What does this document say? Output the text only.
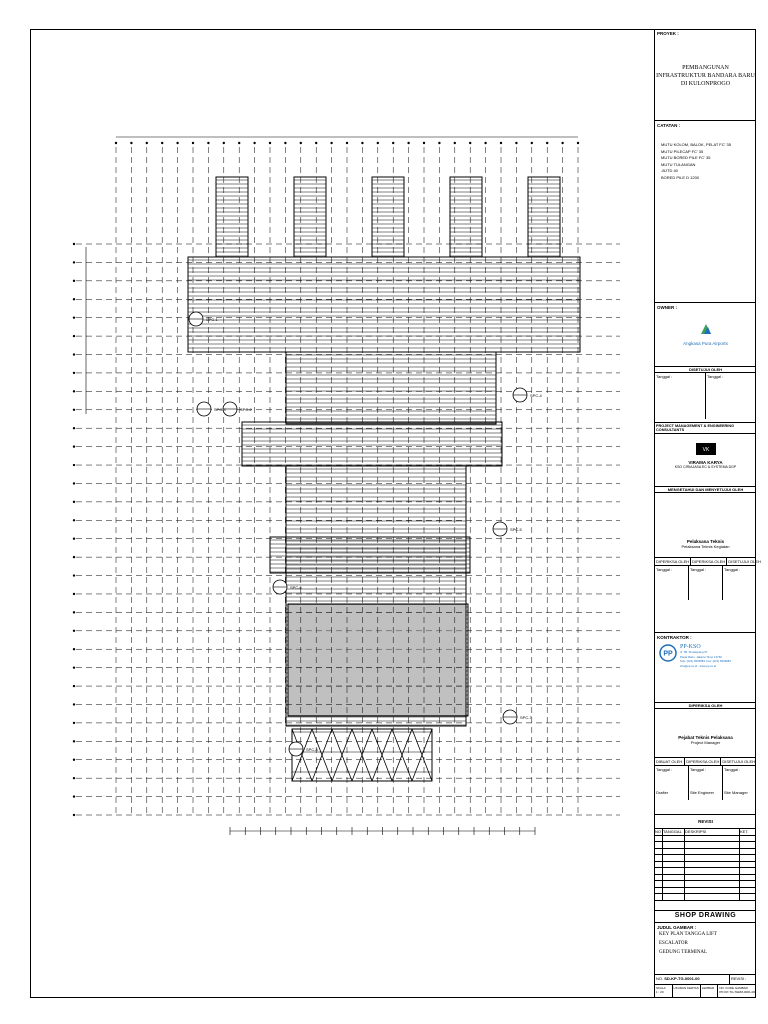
SPC-1
SPC-2
SPC-3
SPC-4
SPC-5
SPC-6
SPC-7
SPC-8
PROYEK :
PEMBANGUNAN
INFRASTRUKTUR BANDARA BARU
DI KULONPROGO
CATATAN :
MUTU KOLOM, BALOK, PELAT FC' 35
MUTU PILECAP FC' 35
MUTU BORED PILE FC' 35
MUTU TULANGAN
-BJTD 40
BORED PILE D 1200
OWNER :
Angkasa Pura Airports
DISETUJUI OLEH
Tanggal :	Tanggal :
PROJECT MANAGEMENT & ENGINEERING CONSULTANTS
VK
VIRAMA KARYA
KSO CIRIAJASA EC & SYSTEMA DGP
MENGETAHUI DAN MENYETUJUI OLEH
Pelaksana Teknis
Pelaksana Teknis Kegiatan
DIPERIKSA OLEH DIPERIKSA OLEH DISETUJUI OLEH
Tanggal :	Tanggal :	Tanggal :
KONTRAKTOR :
PP
PP-KSO
Jl. TB. Simatupang 57
Pasar Rebo, Jakarta Timur 13760
Telp: (021) 8403883, Fax: (021) 8403884
info@pp.co.id - www.pp.co.id
DIPERIKSA OLEH
Pejabat Teknis Pelaksana
Project Manager
DIBUAT OLEH DIPERIKSA OLEH DISETUJUI OLEH
Tanggal :
Drafter
Tanggal :
Site Engineer
Tanggal :
Site Manager
REVISI
NO TANGGAL DESKRIPSI	KET.
SHOP DRAWING
JUDUL GAMBAR :
KEY PLAN TANGGA LIFT
ESCALATOR
GEDUNG TERMINAL
NO. SD-KP-TG-0001-00	REVISI :
SKALA
1 : 20
UKURAN KERTAS	LEMBAR	NO. KODE GAMBAR
PP-KP-TG-TERM-0001-00
